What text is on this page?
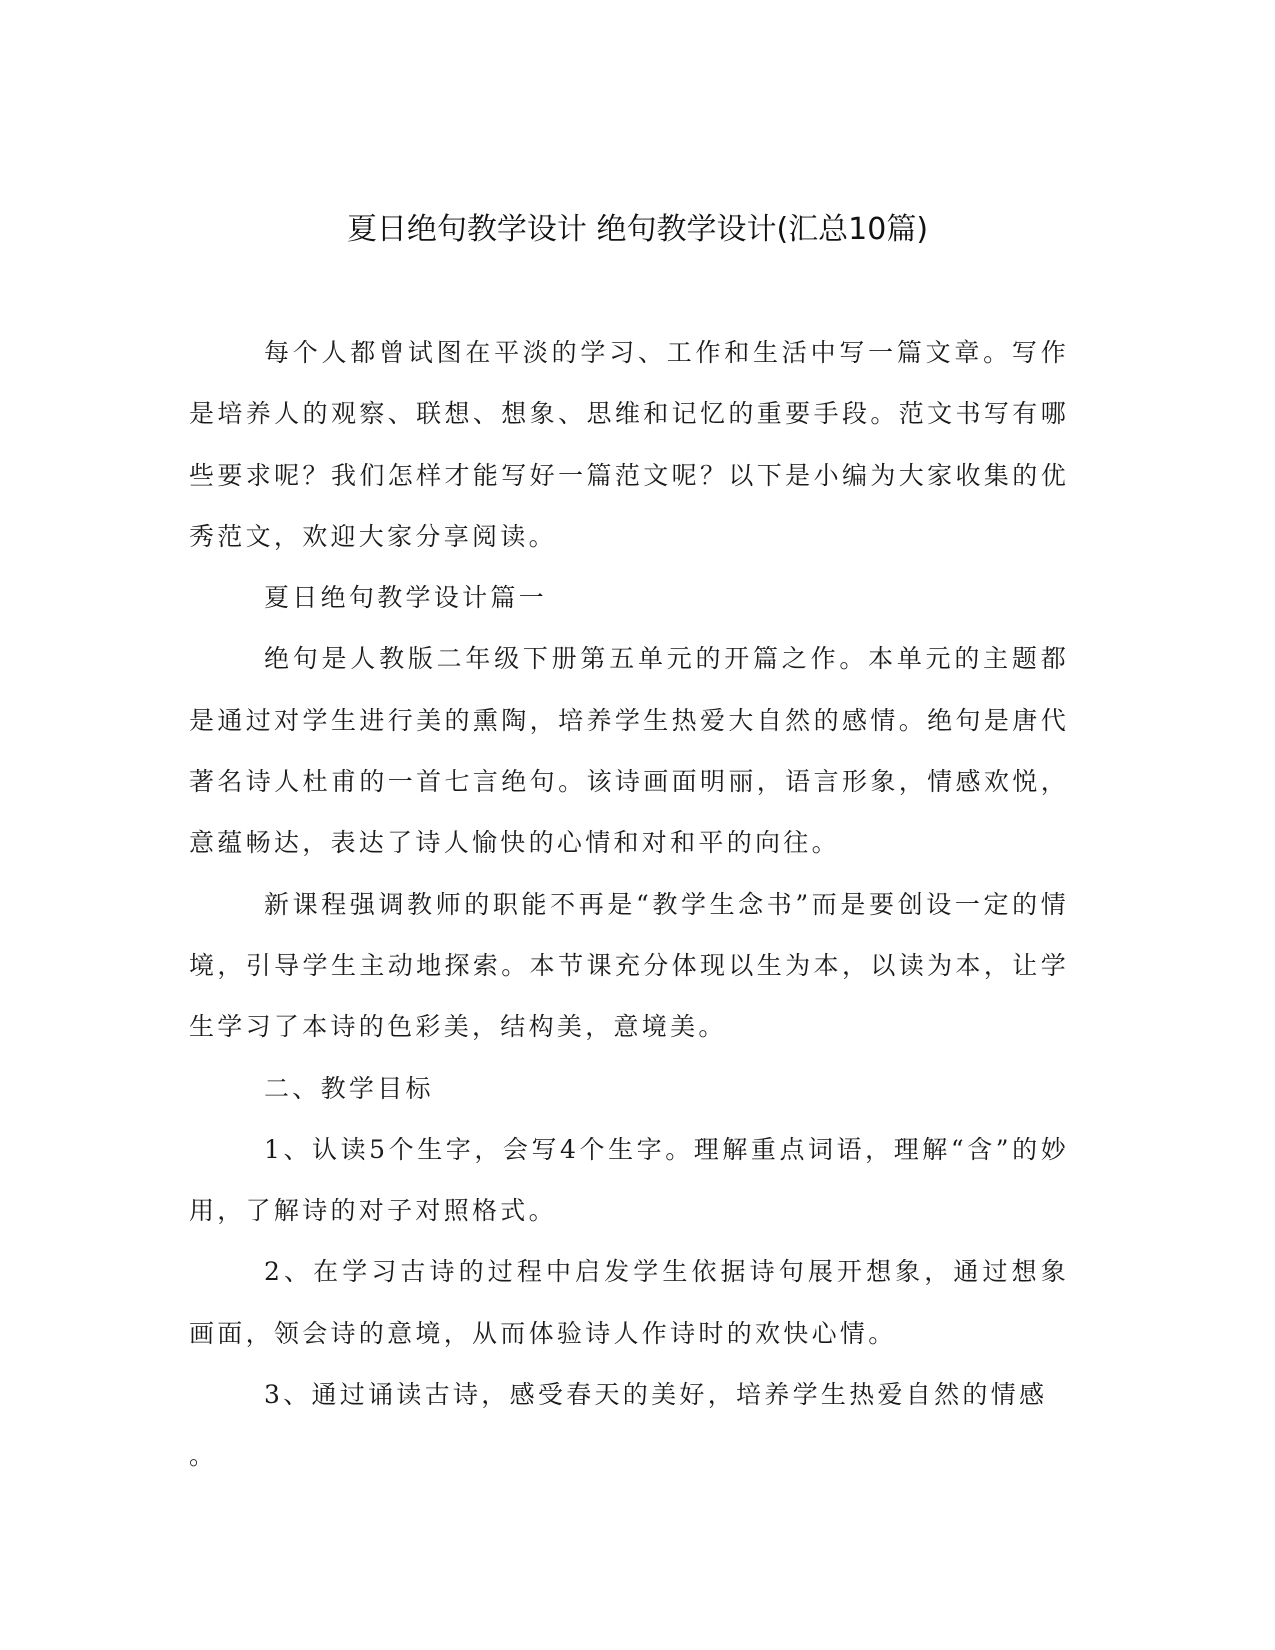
夏日绝句教学设计 绝句教学设计(汇总10篇)

每个人都曾试图在平淡的学习、工作和生活中写一篇文章。写作是培养人的观察、联想、想象、思维和记忆的重要手段。范文书写有哪些要求呢？我们怎样才能写好一篇范文呢？以下是小编为大家收集的优秀范文，欢迎大家分享阅读。

夏日绝句教学设计篇一

绝句是人教版二年级下册第五单元的开篇之作。本单元的主题都是通过对学生进行美的熏陶，培养学生热爱大自然的感情。绝句是唐代著名诗人杜甫的一首七言绝句。该诗画面明丽，语言形象，情感欢悦，意蕴畅达，表达了诗人愉快的心情和对和平的向往。

新课程强调教师的职能不再是“教学生念书”而是要创设一定的情境，引导学生主动地探索。本节课充分体现以生为本，以读为本，让学生学习了本诗的色彩美，结构美，意境美。

二、教学目标

1、认读5个生字，会写4个生字。理解重点词语，理解“含”的妙用，了解诗的对子对照格式。

2、在学习古诗的过程中启发学生依据诗句展开想象，通过想象画面，领会诗的意境，从而体验诗人作诗时的欢快心情。

3、通过诵读古诗，感受春天的美好，培养学生热爱自然的情感

。
